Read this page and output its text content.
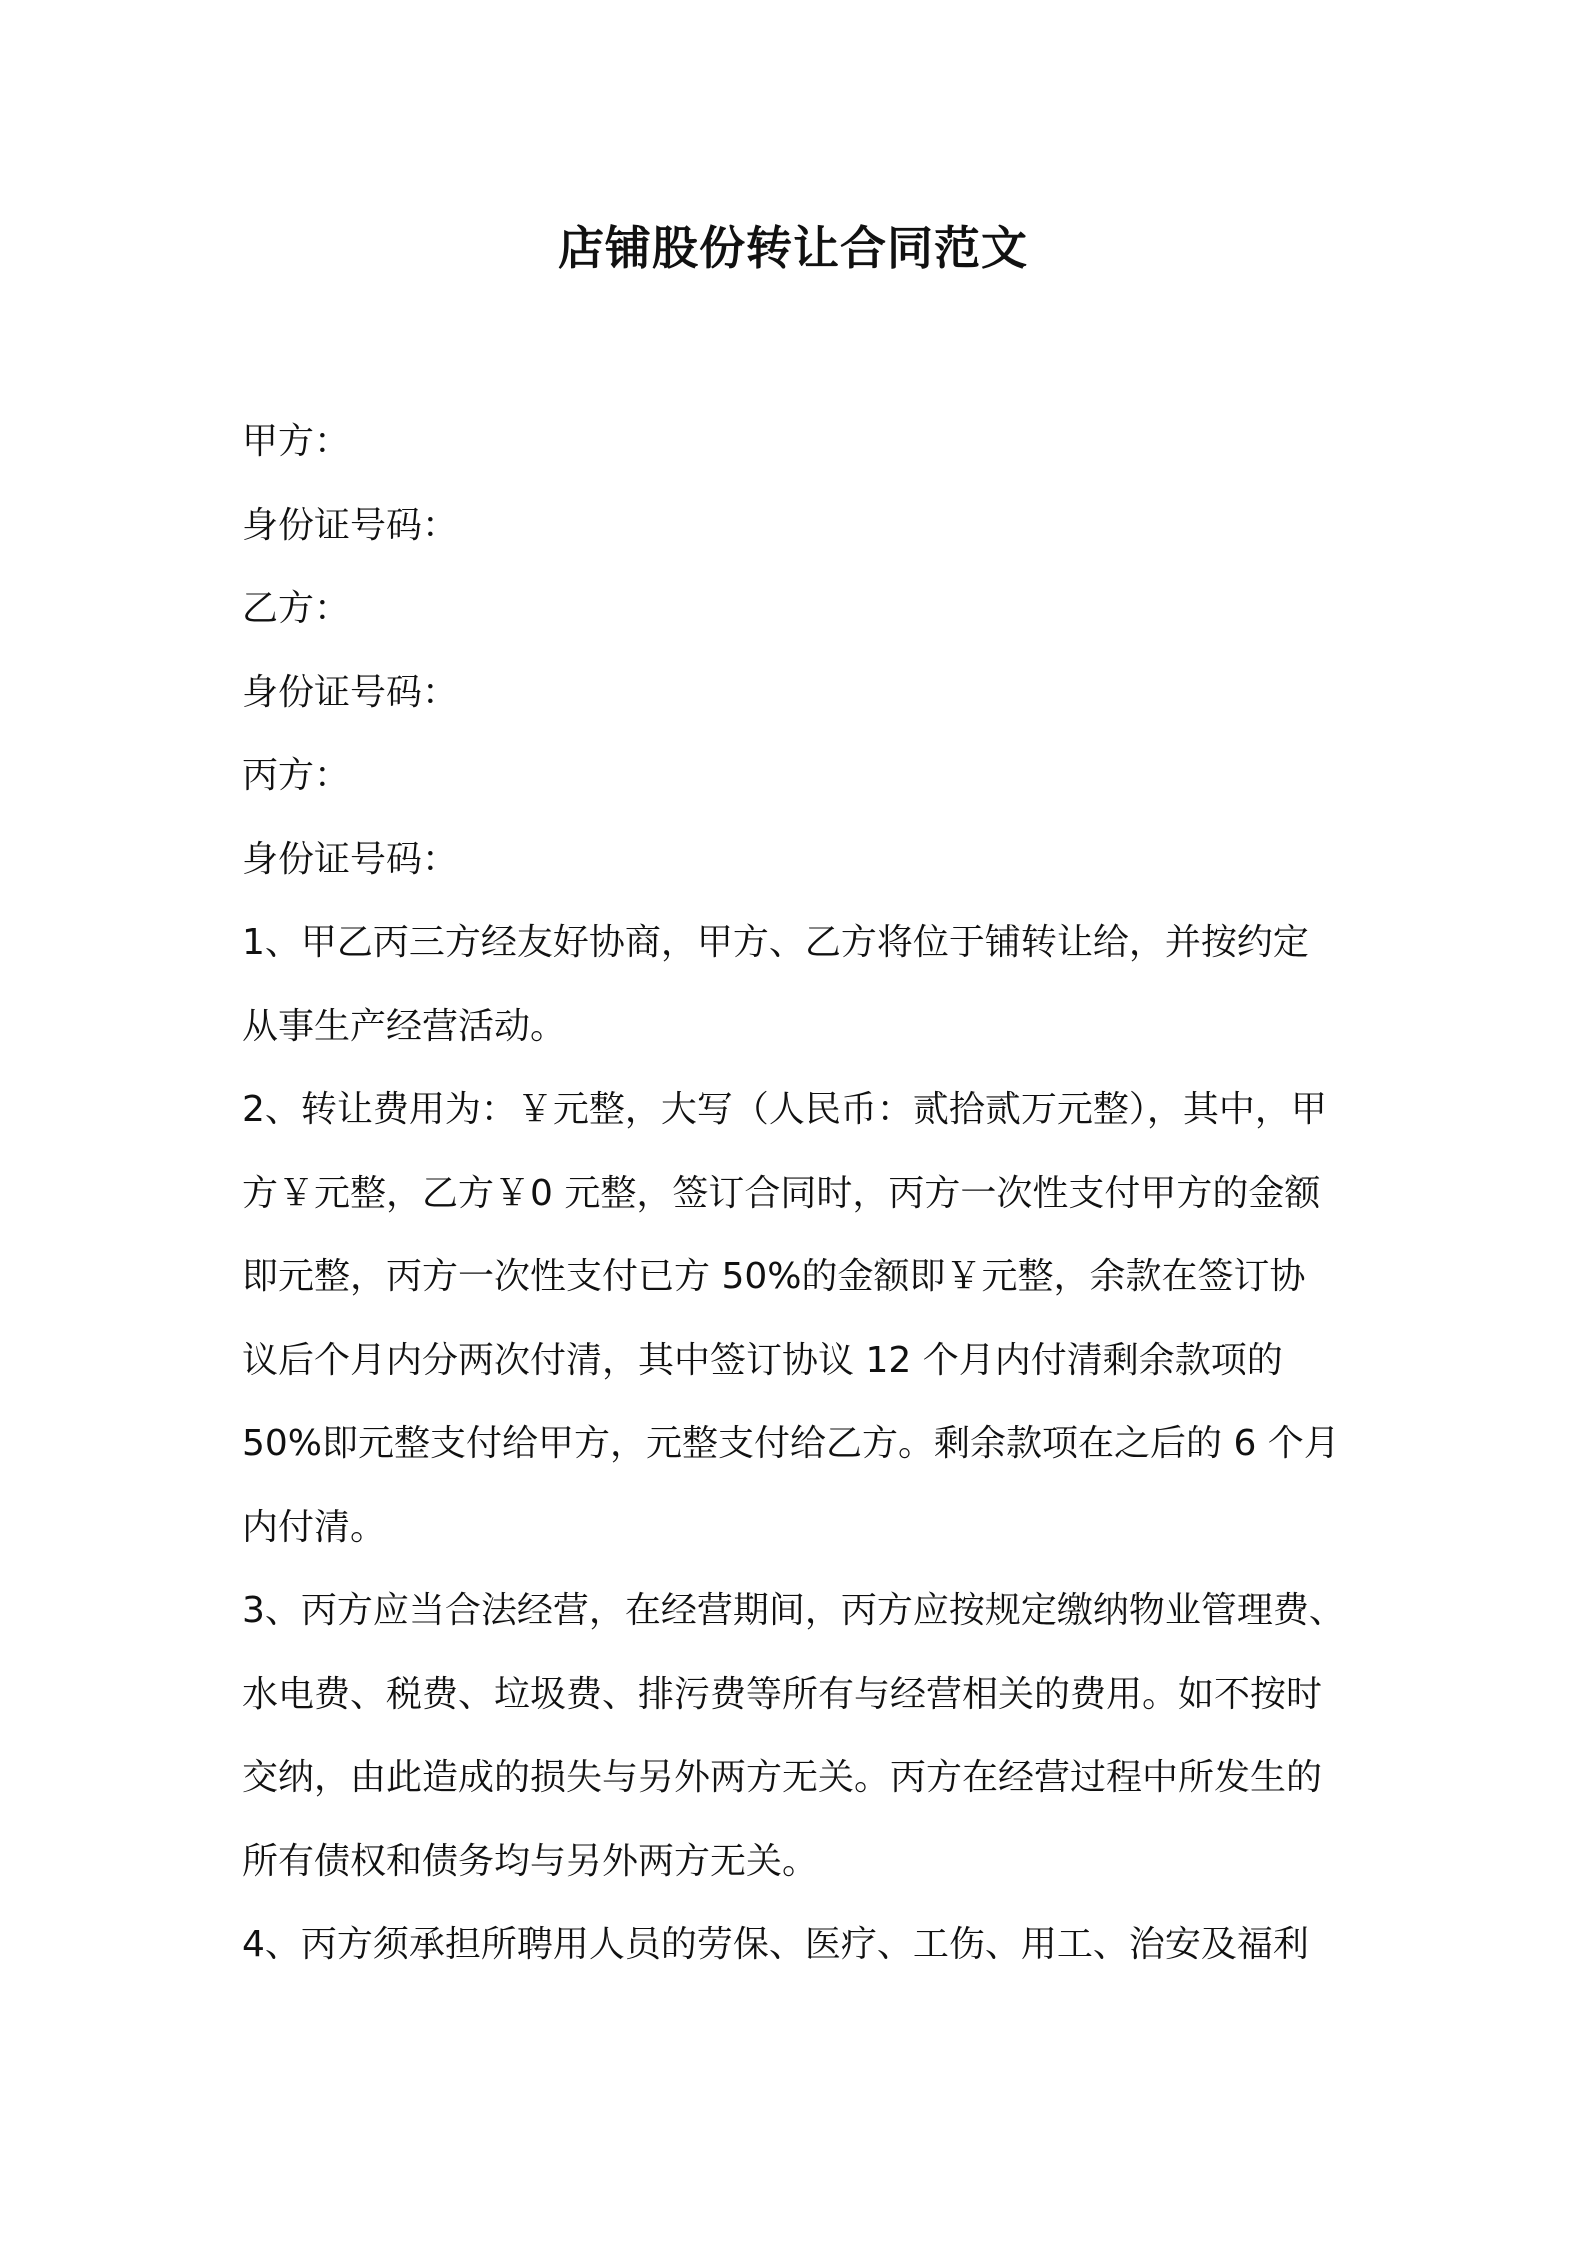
店铺股份转让合同范文

甲方：

身份证号码：

乙方：

身份证号码：

丙方：

身份证号码：

1、甲乙丙三方经友好协商，甲方、乙方将位于铺转让给，并按约定

从事生产经营活动。

2、转让费用为：￥元整，大写（人民币：贰拾贰万元整），其中，甲

方￥元整，乙方￥0 元整，签订合同时，丙方一次性支付甲方的金额

即元整，丙方一次性支付已方 50%的金额即￥元整，余款在签订协

议后个月内分两次付清，其中签订协议 12 个月内付清剩余款项的

50%即元整支付给甲方，元整支付给乙方。剩余款项在之后的 6 个月

内付清。

3、丙方应当合法经营，在经营期间，丙方应按规定缴纳物业管理费、

水电费、税费、垃圾费、排污费等所有与经营相关的费用。如不按时

交纳，由此造成的损失与另外两方无关。丙方在经营过程中所发生的

所有债权和债务均与另外两方无关。

4、丙方须承担所聘用人员的劳保、医疗、工伤、用工、治安及福利
